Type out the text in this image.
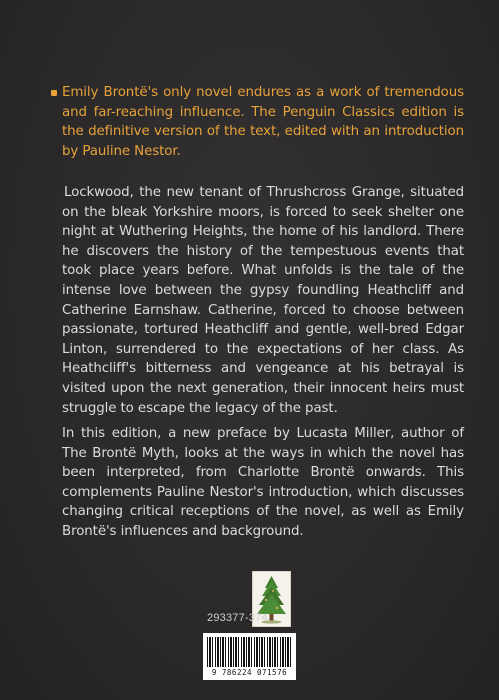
Emily Brontë's only novel endures as a work of tremendous and far-reaching influence. The Penguin Classics edition is the definitive version of the text, edited with an introduction by Pauline Nestor.

Lockwood, the new tenant of Thrushcross Grange, situated on the bleak Yorkshire moors, is forced to seek shelter one night at Wuthering Heights, the home of his landlord. There he discovers the history of the tempestuous events that took place years before. What unfolds is the tale of the intense love between the gypsy foundling Heathcliff and Catherine Earnshaw. Catherine, forced to choose between passionate, tortured Heathcliff and gentle, well-bred Edgar Linton, surrendered to the expectations of her class. As Heathcliff's bitterness and vengeance at his betrayal is visited upon the next generation, their innocent heirs must struggle to escape the legacy of the past.

In this edition, a new preface by Lucasta Miller, author of The Brontë Myth, looks at the ways in which the novel has been interpreted, from Charlotte Brontë onwards. This complements Pauline Nestor's introduction, which discusses changing critical receptions of the novel, as well as Emily Brontë's influences and background.

293377-374
9 786224 071576
